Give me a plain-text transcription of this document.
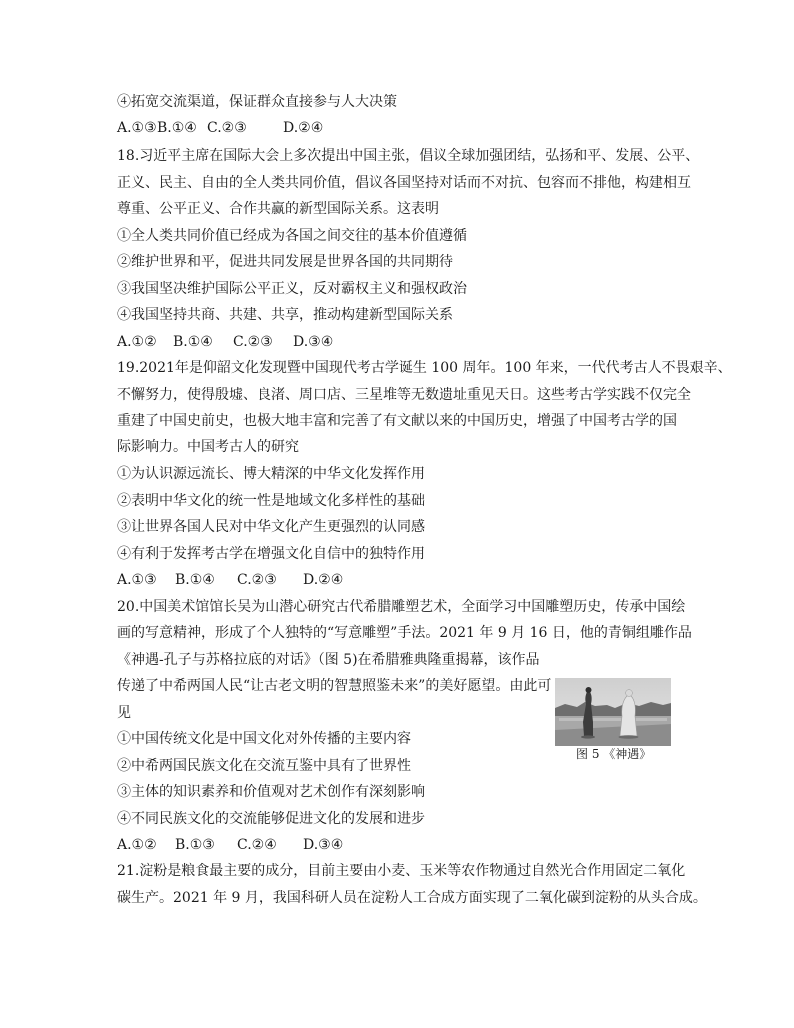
④拓宽交流渠道，保证群众直接参与人大决策
A.①③B.①④ C.②③	D.②④
18.习近平主席在国际大会上多次提出中国主张，倡议全球加强团结，弘扬和平、发展、公平、
正义、民主、自由的全人类共同价值，倡议各国坚持对话而不对抗、包容而不排他，构建相互
尊重、公平正义、合作共赢的新型国际关系。这表明
①全人类共同价值已经成为各国之间交往的基本价值遵循
②维护世界和平，促进共同发展是世界各国的共同期待
③我国坚决维护国际公平正义，反对霸权主义和强权政治
④我国坚持共商、共建、共享，推动构建新型国际关系
A.①② B.①④ C.②③ D.③④
19.2021年是仰韶文化发现暨中国现代考古学诞生 100 周年。100 年来，一代代考古人不畏艰辛、
不懈努力，使得殷墟、良渚、周口店、三星堆等无数遗址重见天日。这些考古学实践不仅完全
重建了中国史前史，也极大地丰富和完善了有文献以来的中国历史，增强了中国考古学的国
际影响力。中国考古人的研究
①为认识源远流长、博大精深的中华文化发挥作用
②表明中华文化的统一性是地域文化多样性的基础
③让世界各国人民对中华文化产生更强烈的认同感
④有利于发挥考古学在增强文化自信中的独特作用
A.①③ B.①④ C.②③ D.②④
20.中国美术馆馆长吴为山潜心研究古代希腊雕塑艺术，全面学习中国雕塑历史，传承中国绘
画的写意精神，形成了个人独特的“写意雕塑”手法。2021 年 9 月 16 日，他的青铜组雕作品
《神遇-孔子与苏格拉底的对话》（图 5)在希腊雅典隆重揭幕，该作品
传递了中希两国人民“让古老文明的智慧照鉴未来”的美好愿望。由此可
见
图 5 《神遇》
①中国传统文化是中国文化对外传播的主要内容
②中希两国民族文化在交流互鉴中具有了世界性
③主体的知识素养和价值观对艺术创作有深刻影响
④不同民族文化的交流能够促进文化的发展和进步
A.①② B.①③ C.②④ D.③④
21.淀粉是粮食最主要的成分，目前主要由小麦、玉米等农作物通过自然光合作用固定二氧化
碳生产。2021 年 9 月，我国科研人员在淀粉人工合成方面实现了二氧化碳到淀粉的从头合成。
